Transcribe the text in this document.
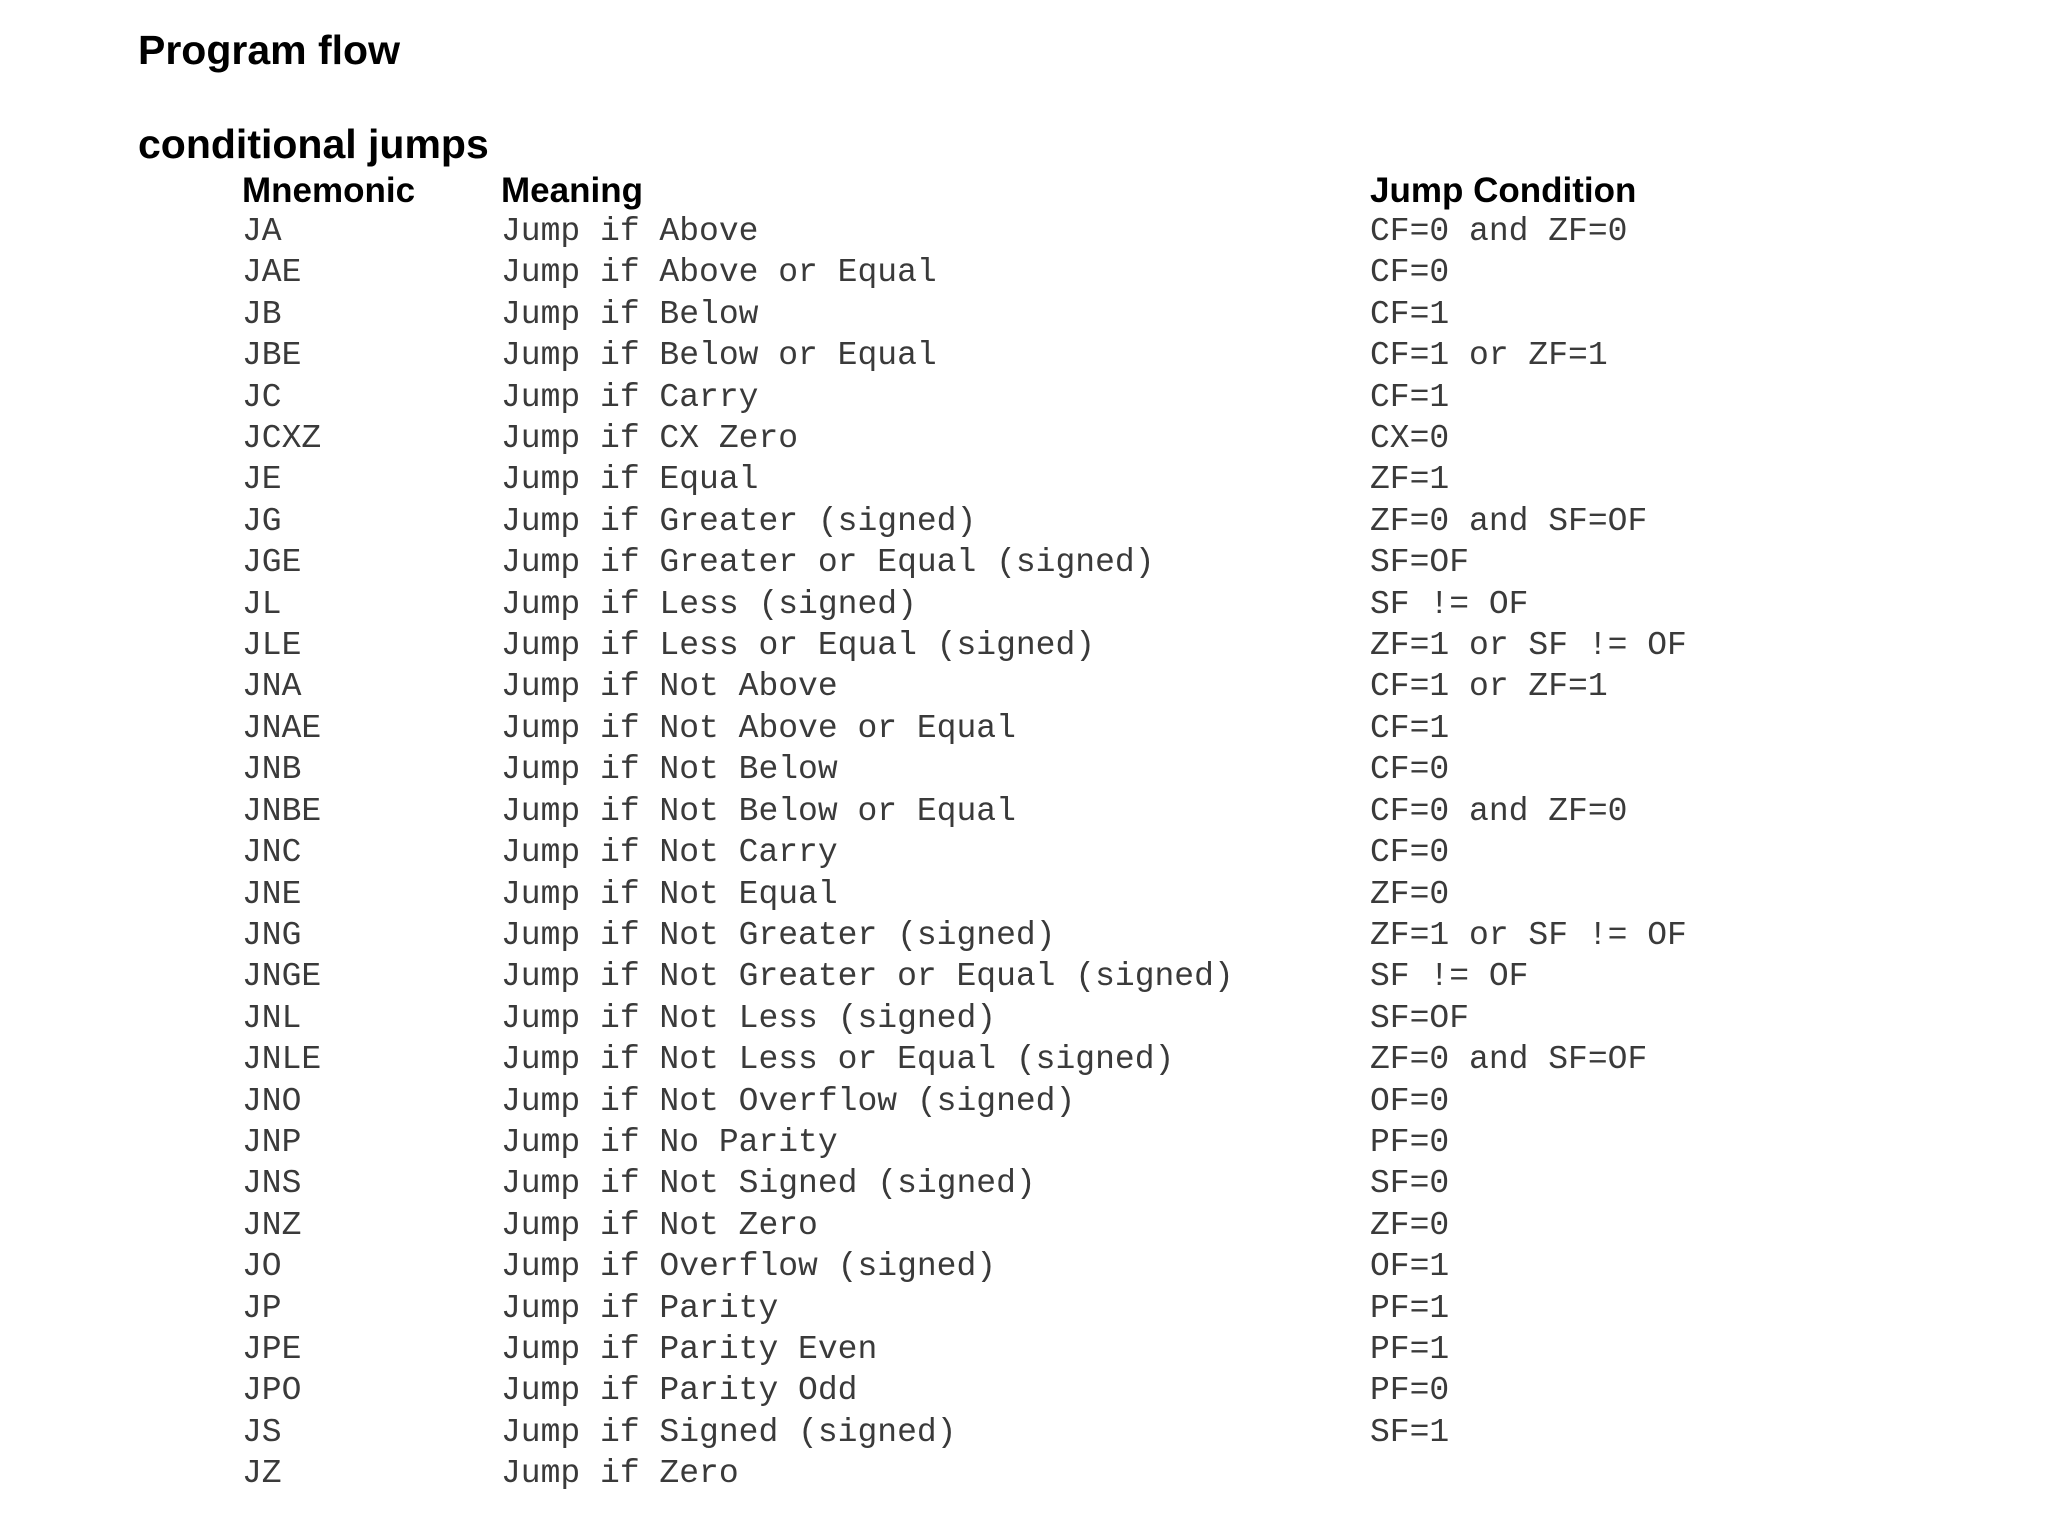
Program flow
conditional jumps
Mnemonic	Meaning	Jump Condition
JA	Jump if Above	CF=0 and ZF=0
JAE	Jump if Above or Equal	CF=0
JB	Jump if Below	CF=1
JBE	Jump if Below or Equal	CF=1 or ZF=1
JC	Jump if Carry	CF=1
JCXZ	Jump if CX Zero	CX=0
JE	Jump if Equal	ZF=1
JG	Jump if Greater (signed)	ZF=0 and SF=OF
JGE	Jump if Greater or Equal (signed)	SF=OF
JL	Jump if Less (signed)	SF != OF
JLE	Jump if Less or Equal (signed)	ZF=1 or SF != OF
JNA	Jump if Not Above	CF=1 or ZF=1
JNAE	Jump if Not Above or Equal	CF=1
JNB	Jump if Not Below	CF=0
JNBE	Jump if Not Below or Equal	CF=0 and ZF=0
JNC	Jump if Not Carry	CF=0
JNE	Jump if Not Equal	ZF=0
JNG	Jump if Not Greater (signed)	ZF=1 or SF != OF
JNGE	Jump if Not Greater or Equal (signed)	SF != OF
JNL	Jump if Not Less (signed)	SF=OF
JNLE	Jump if Not Less or Equal (signed)	ZF=0 and SF=OF
JNO	Jump if Not Overflow (signed)	OF=0
JNP	Jump if No Parity	PF=0
JNS	Jump if Not Signed (signed)	SF=0
JNZ	Jump if Not Zero	ZF=0
JO	Jump if Overflow (signed)	OF=1
JP	Jump if Parity	PF=1
JPE	Jump if Parity Even	PF=1
JPO	Jump if Parity Odd	PF=0
JS	Jump if Signed (signed)	SF=1
JZ	Jump if Zero	
